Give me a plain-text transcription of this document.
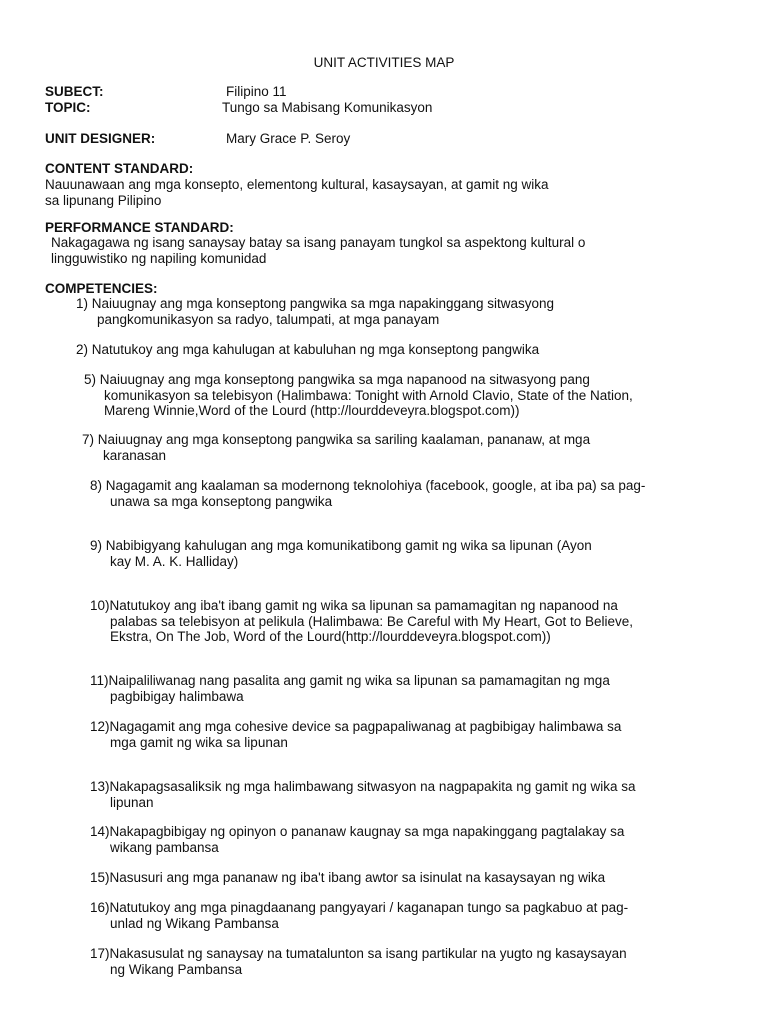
UNIT ACTIVITIES MAP
SUBECT:	Filipino 11
TOPIC:	Tungo sa Mabisang Komunikasyon
UNIT DESIGNER:	Mary Grace P. Seroy
CONTENT STANDARD:
Nauunawaan ang mga konsepto, elementong kultural, kasaysayan, at gamit ng wika
sa lipunang Pilipino
PERFORMANCE STANDARD:
Nakagagawa ng isang sanaysay batay sa isang panayam tungkol sa aspektong kultural o
lingguwistiko ng napiling komunidad
COMPETENCIES:
1) Naiuugnay ang mga konseptong pangwika sa mga napakinggang sitwasyong
pangkomunikasyon sa radyo, talumpati, at mga panayam
2) Natutukoy ang mga kahulugan at kabuluhan ng mga konseptong pangwika
5) Naiuugnay ang mga konseptong pangwika sa mga napanood na sitwasyong pang
komunikasyon sa telebisyon (Halimbawa: Tonight with Arnold Clavio, State of the Nation,
Mareng Winnie,Word of the Lourd (http://lourddeveyra.blogspot.com))
7) Naiuugnay ang mga konseptong pangwika sa sariling kaalaman, pananaw, at mga
karanasan
8) Nagagamit ang kaalaman sa modernong teknolohiya (facebook, google, at iba pa) sa pag-
unawa sa mga konseptong pangwika
9) Nabibigyang kahulugan ang mga komunikatibong gamit ng wika sa lipunan (Ayon
kay M. A. K. Halliday)
10)Natutukoy ang iba't ibang gamit ng wika sa lipunan sa pamamagitan ng napanood na
palabas sa telebisyon at pelikula (Halimbawa: Be Careful with My Heart, Got to Believe,
Ekstra, On The Job, Word of the Lourd(http://lourddeveyra.blogspot.com))
11)Naipaliliwanag nang pasalita ang gamit ng wika sa lipunan sa pamamagitan ng mga
pagbibigay halimbawa
12)Nagagamit ang mga cohesive device sa pagpapaliwanag at pagbibigay halimbawa sa
mga gamit ng wika sa lipunan
13)Nakapagsasaliksik ng mga halimbawang sitwasyon na nagpapakita ng gamit ng wika sa
lipunan
14)Nakapagbibigay ng opinyon o pananaw kaugnay sa mga napakinggang pagtalakay sa
wikang pambansa
15)Nasusuri ang mga pananaw ng iba't ibang awtor sa isinulat na kasaysayan ng wika
16)Natutukoy ang mga pinagdaanang pangyayari / kaganapan tungo sa pagkabuo at pag-
unlad ng Wikang Pambansa
17)Nakasusulat ng sanaysay na tumatalunton sa isang partikular na yugto ng kasaysayan
ng Wikang Pambansa
